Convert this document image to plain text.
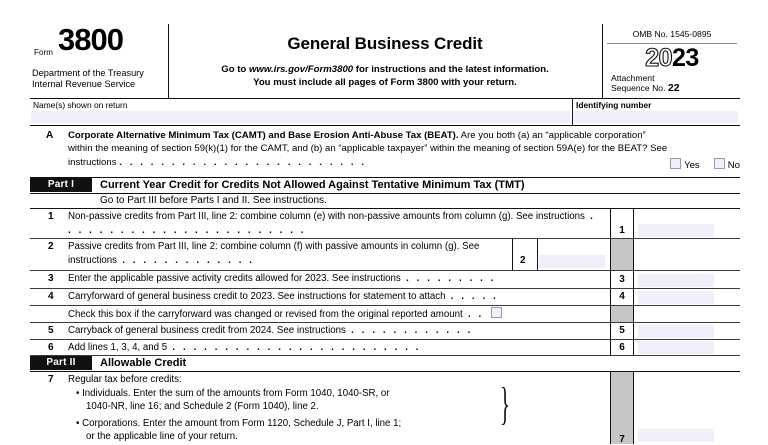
Form 3800
Department of the Treasury
Internal Revenue Service
General Business Credit
Go to www.irs.gov/Form3800 for instructions and the latest information.
You must include all pages of Form 3800 with your return.
OMB No. 1545-0895
2023
Attachment
Sequence No. 22
Name(s) shown on return	Identifying number
A Corporate Alternative Minimum Tax (CAMT) and Base Erosion Anti-Abuse Tax (BEAT). Are you both (a) an “applicable corporation” within the meaning of section 59(k)(1) for the CAMT, and (b) an “applicable taxpayer” within the meaning of section 59A(e) for the BEAT? See instructions . . . . . . . . . . . . . . . . . . . . . . . .	Yes	No
Part I	Current Year Credit for Credits Not Allowed Against Tentative Minimum Tax (TMT)
Go to Part III before Parts I and II. See instructions.
1 Non-passive credits from Part III, line 2: combine column (e) with non-passive amounts from column (g). See instructions . . . . . . . . . . . . . . . . . . . . . . . .	1
2 Passive credits from Part III, line 2: combine column (f) with passive amounts in column (g). See instructions . . . . . . . . . . . . .	2
3 Enter the applicable passive activity credits allowed for 2023. See instructions . . . . . . . . .	3
4 Carryforward of general business credit to 2023. See instructions for statement to attach . . . . .	4
Check this box if the carryforward was changed or revised from the original reported amount . .
5 Carryback of general business credit from 2024. See instructions . . . . . . . . . . . .	5
6 Add lines 1, 3, 4, and 5 . . . . . . . . . . . . . . . . . . . . . . . .	6
Part II	Allowable Credit
7 Regular tax before credits:
• Individuals. Enter the sum of the amounts from Form 1040, 1040-SR, or
1040-NR, line 16; and Schedule 2 (Form 1040), line 2.
• Corporations. Enter the amount from Form 1120, Schedule J, Part I, line 1;
or the applicable line of your return.
}
7
